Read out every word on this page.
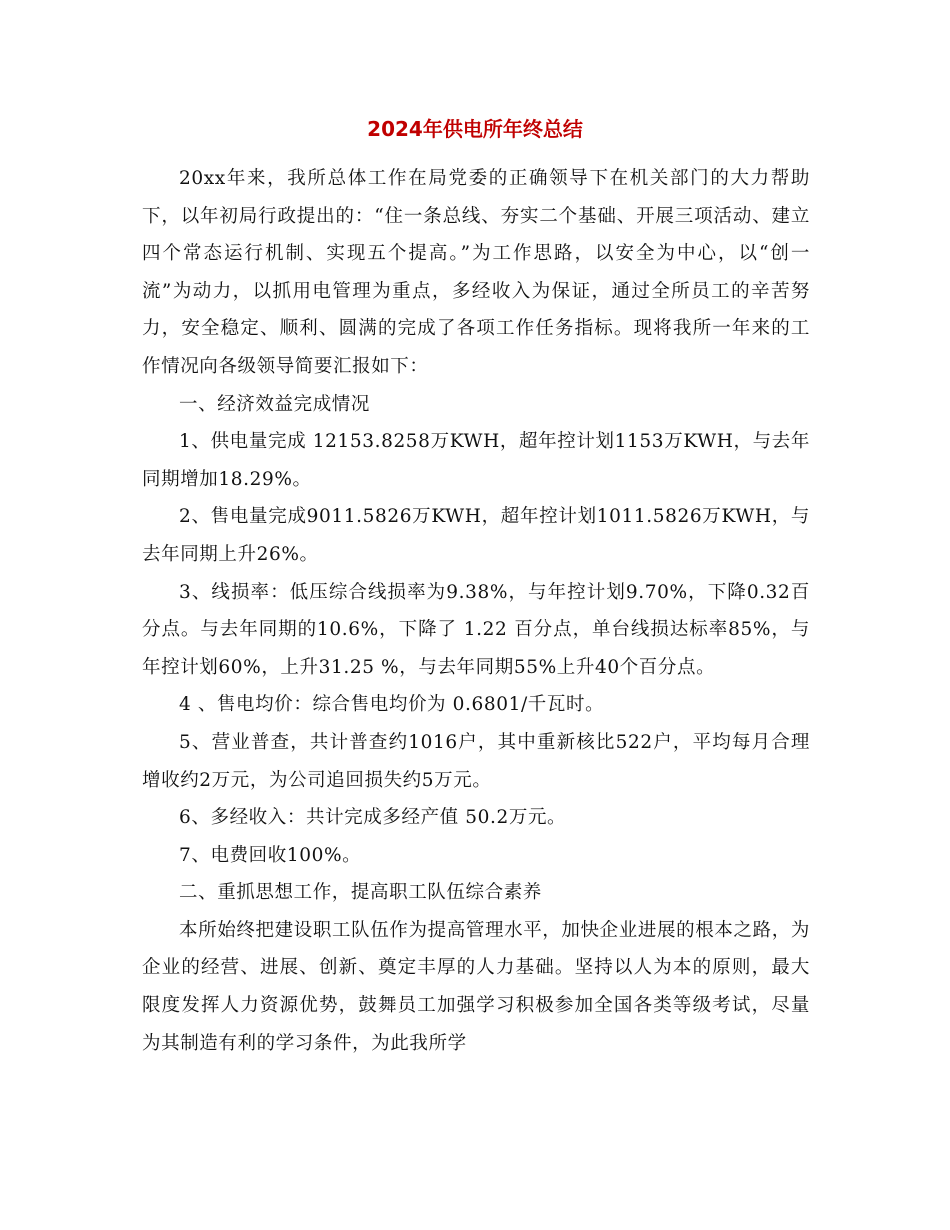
2024年供电所年终总结

20xx年来，我所总体工作在局党委的正确领导下在机关部门的大力帮助下，以年初局行政提出的：“住一条总线、夯实二个基础、开展三项活动、建立四个常态运行机制、实现五个提高。”为工作思路，以安全为中心，以“创一流”为动力，以抓用电管理为重点，多经收入为保证，通过全所员工的辛苦努力，安全稳定、顺利、圆满的完成了各项工作任务指标。现将我所一年来的工作情况向各级领导简要汇报如下：

一、经济效益完成情况

1、供电量完成 12153.8258万KWH，超年控计划1153万KWH，与去年同期增加18.29%。

2、售电量完成9011.5826万KWH，超年控计划1011.5826万KWH，与去年同期上升26%。

3、线损率：低压综合线损率为9.38%，与年控计划9.70%，下降0.32百分点。与去年同期的10.6%，下降了 1.22 百分点，单台线损达标率85%，与年控计划60%，上升31.25 %，与去年同期55%上升40个百分点。

4 、售电均价：综合售电均价为 0.6801/千瓦时。

5、营业普查，共计普查约1016户，其中重新核比522户，平均每月合理增收约2万元，为公司追回损失约5万元。

6、多经收入：共计完成多经产值 50.2万元。

7、电费回收100%。

二、重抓思想工作，提高职工队伍综合素养

本所始终把建设职工队伍作为提高管理水平，加快企业进展的根本之路，为企业的经营、进展、创新、奠定丰厚的人力基础。坚持以人为本的原则，最大限度发挥人力资源优势，鼓舞员工加强学习积极参加全国各类等级考试，尽量为其制造有利的学习条件，为此我所学
